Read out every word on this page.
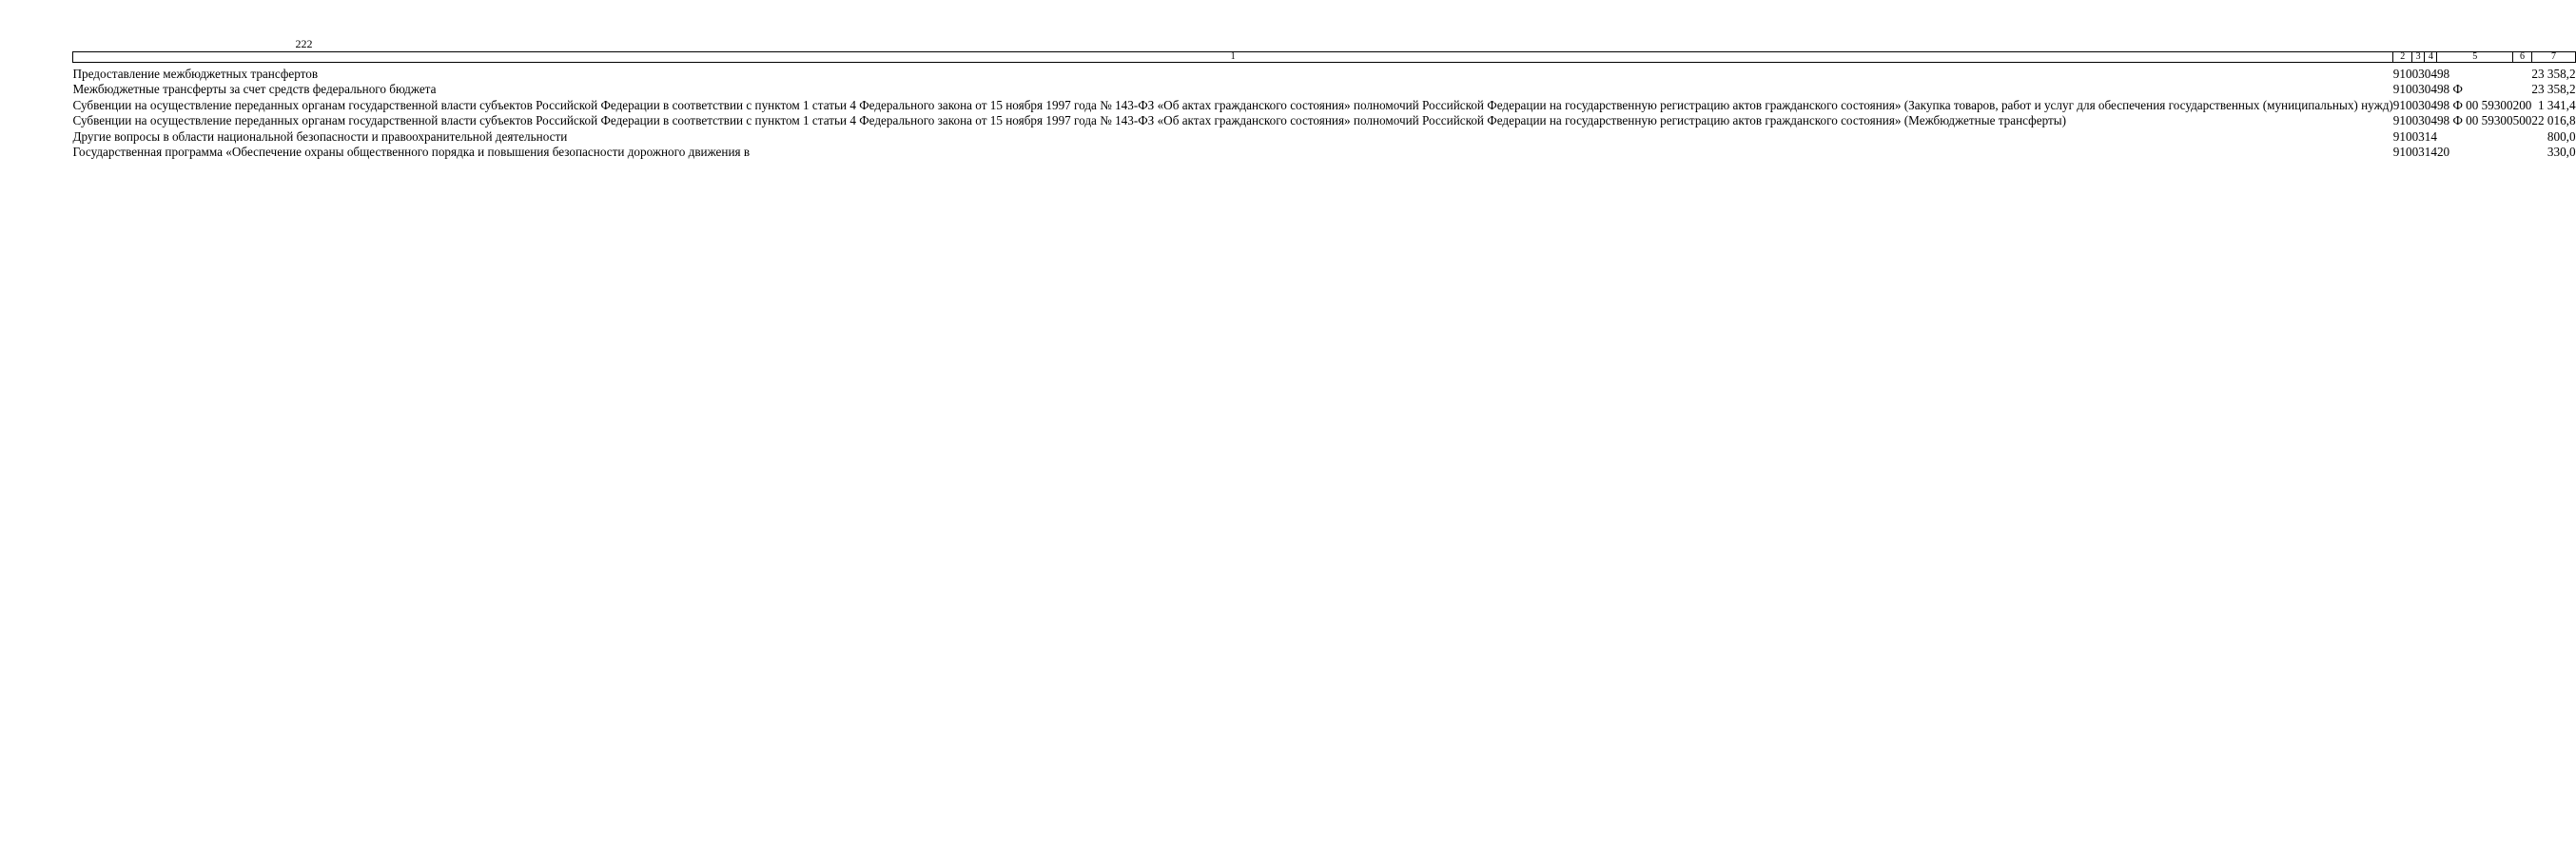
222
1	2	3	4	5	6	7

Предоставление межбюджетных трансфертов	910	03	04	98		23 358,2
Межбюджетные трансферты за счет средств федерального бюджета	910	03	04	98 Ф		23 358,2
Субвенции на осуществление переданных органам государственной власти субъектов Российской Федерации в соответствии с пунктом 1 статьи 4 Федерального закона от 15 ноября 1997 года № 143-ФЗ «Об актах гражданского состояния» полномочий Российской Федерации на государственную регистрацию актов гражданского состояния» (Закупка товаров, работ и услуг для обеспечения государственных (муниципальных) нужд)	910	03	04	98 Ф 00 59300	200	1 341,4
Субвенции на осуществление переданных органам государственной власти субъектов Российской Федерации в соответствии с пунктом 1 статьи 4 Федерального закона от 15 ноября 1997 года № 143-ФЗ «Об актах гражданского состояния» полномочий Российской Федерации на государственную регистрацию актов гражданского состояния» (Межбюджетные трансферты)	910	03	04	98 Ф 00 59300	500	22 016,8
Другие вопросы в области национальной безопасности и правоохранительной деятельности	910	03	14			800,0
Государственная программа «Обеспечение охраны общественного порядка и повышения безопасности дорожного движения в	910	03	14	20		330,0
